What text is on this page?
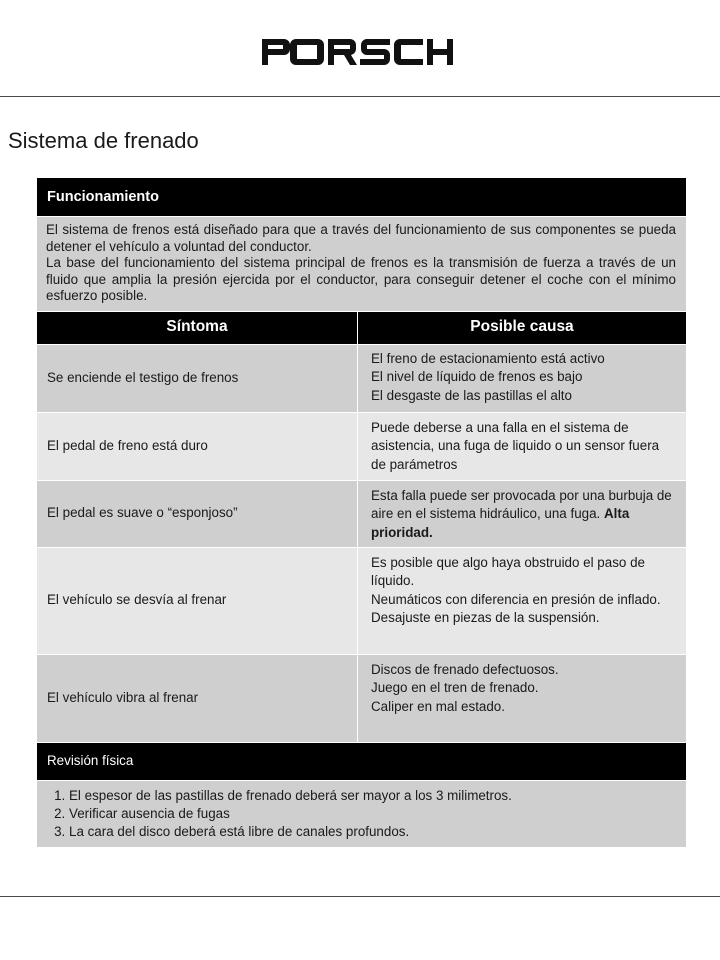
Sistema de frenado
Funcionamiento

El sistema de frenos está diseñado para que a través del funcionamiento de sus componentes se pueda detener el vehículo a voluntad del conductor.

La base del funcionamiento del sistema principal de frenos es la transmisión de fuerza a través de un fluido que amplia la presión ejercida por el conductor, para conseguir detener el coche con el mínimo esfuerzo posible.

Síntoma	Posible causa
Se enciende el testigo de frenos
El freno de estacionamiento está activo
El nivel de líquido de frenos es bajo
El desgaste de las pastillas el alto
El pedal de freno está duro
Puede deberse a una falla en el sistema de asistencia, una fuga de liquido o un sensor fuera de parámetros
El pedal es suave o “esponjoso”
Esta falla puede ser provocada por una burbuja de aire en el sistema hidráulico, una fuga. Alta prioridad.
El vehículo se desvía al frenar
Es posible que algo haya obstruido el paso de líquido.
Neumáticos con diferencia en presión de inflado.
Desajuste en piezas de la suspensión.
El vehículo vibra al frenar
Discos de frenado defectuosos.
Juego en el tren de frenado.
Caliper en mal estado.
Revisión física
1. El espesor de las pastillas de frenado deberá ser mayor a los 3 milimetros.
2. Verificar ausencia de fugas
3. La cara del disco deberá está libre de canales profundos.
